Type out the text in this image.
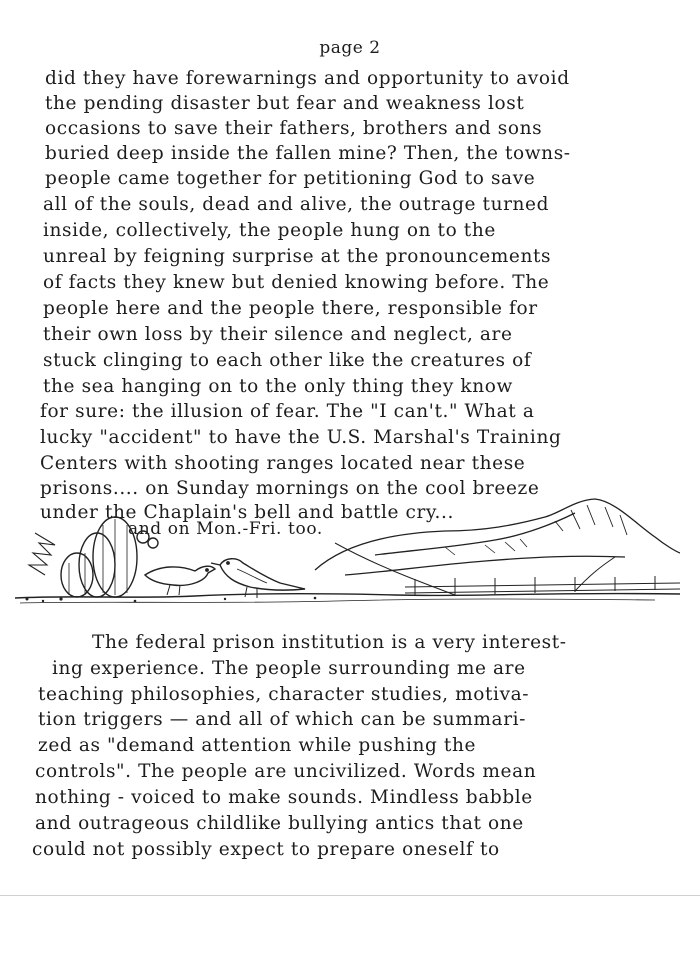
page 2
did they have forewarnings and opportunity to avoid
the pending disaster but fear and weakness lost
occasions to save their fathers, brothers and sons
buried deep inside the fallen mine? Then, the towns-
people came together for petitioning God to save
all of the souls, dead and alive, the outrage turned
inside, collectively, the people hung on to the
unreal by feigning surprise at the pronouncements
of facts they knew but denied knowing before. The
people here and the people there, responsible for
their own loss by their silence and neglect, are
stuck clinging to each other like the creatures of
the sea hanging on to the only thing they know
for sure: the illusion of fear. The "I can't." What a
lucky "accident" to have the U.S. Marshal's Training
Centers with shooting ranges located near these
prisons.... on Sunday mornings on the cool breeze
under the Chaplain's bell and battle cry...
and on Mon.-Fri. too.
The federal prison institution is a very interest-
ing experience. The people surrounding me are
teaching philosophies, character studies, motiva-
tion triggers — and all of which can be summari-
zed as "demand attention while pushing the
controls". The people are uncivilized. Words mean
nothing - voiced to make sounds. Mindless babble
and outrageous childlike bullying antics that one
could not possibly expect to prepare oneself to
